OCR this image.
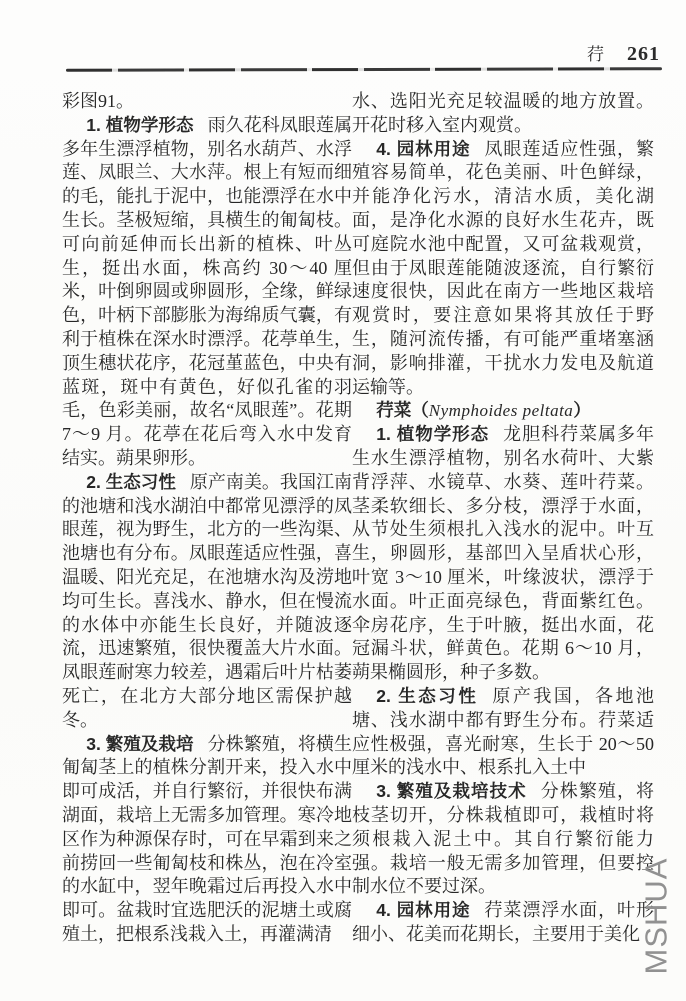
荇 261

彩图91。

1. 植物学形态 雨久花科凤眼莲属多年生漂浮植物，别名水葫芦、水浮莲、凤眼兰、大水萍。根上有短而细的毛，能扎于泥中，也能漂浮在水中生长。茎极短缩，具横生的匍匐枝。可向前延伸而长出新的植株、叶丛生，挺出水面，株高约 30～40 厘米，叶倒卵圆或卵圆形，全缘，鲜绿色，叶柄下部膨胀为海绵质气囊，有利于植株在深水时漂浮。花葶单生，顶生穗状花序，花冠堇蓝色，中央有蓝斑，斑中有黄色，好似孔雀的羽毛，色彩美丽，故名“凤眼莲”。花期 7～9 月。花葶在花后弯入水中发育结实。蒴果卵形。

2. 生态习性 原产南美。我国江南的池塘和浅水湖泊中都常见漂浮的凤眼莲，视为野生，北方的一些沟渠、池塘也有分布。凤眼莲适应性强，喜温暖、阳光充足，在池塘水沟及涝地均可生长。喜浅水、静水，但在慢流的水体中亦能生长良好，并随波逐流，迅速繁殖，很快覆盖大片水面。凤眼莲耐寒力较差，遇霜后叶片枯萎死亡，在北方大部分地区需保护越冬。

3. 繁殖及栽培 分株繁殖，将横生匍匐茎上的植株分割开来，投入水中即可成活，并自行繁衍，并很快布满湖面，栽培上无需多加管理。寒冷地区作为种源保存时，可在早霜到来之前捞回一些匍匐枝和株丛，泡在冷室的水缸中，翌年晚霜过后再投入水中即可。盆栽时宜选肥沃的泥塘土或腐殖土，把根系浅栽入土，再灌满清

水、选阳光充足较温暖的地方放置。开花时移入室内观赏。

4. 园林用途 凤眼莲适应性强，繁殖容易简单，花色美丽、叶色鲜绿，并能净化污水，清洁水质，美化湖面，是净化水源的良好水生花卉，既可庭院水池中配置，又可盆栽观赏，但由于凤眼莲能随波逐流，自行繁衍速度很快，因此在南方一些地区栽培观赏时，要注意如果将其放任于野生，随河流传播，有可能严重堵塞涵洞，影响排灌，干扰水力发电及航道运输等。

荇菜（Nymphoides peltata）

1. 植物学形态 龙胆科荇菜属多年生水生漂浮植物，别名水荷叶、大紫背浮萍、水镜草、水葵、莲叶荇菜。茎柔软细长、多分枝，漂浮于水面，从节处生须根扎入浅水的泥中。叶互生，卵圆形，基部凹入呈盾状心形，叶宽 3～10 厘米，叶缘波状，漂浮于水面。叶正面亮绿色，背面紫红色。伞房花序，生于叶腋，挺出水面，花冠漏斗状，鲜黄色。花期 6～10 月，蒴果椭圆形，种子多数。

2. 生态习性 原产我国，各地池塘、浅水湖中都有野生分布。荇菜适应性极强，喜光耐寒，生长于 20～50 厘米的浅水中、根系扎入土中

3. 繁殖及栽培技术 分株繁殖，将枝茎切开，分株栽植即可，栽植时将须根栽入泥土中。其自行繁衍能力强。栽培一般无需多加管理，但要控制水位不要过深。

4. 园林用途 荇菜漂浮水面，叶形细小、花美而花期长，主要用于美化

MSHUA
